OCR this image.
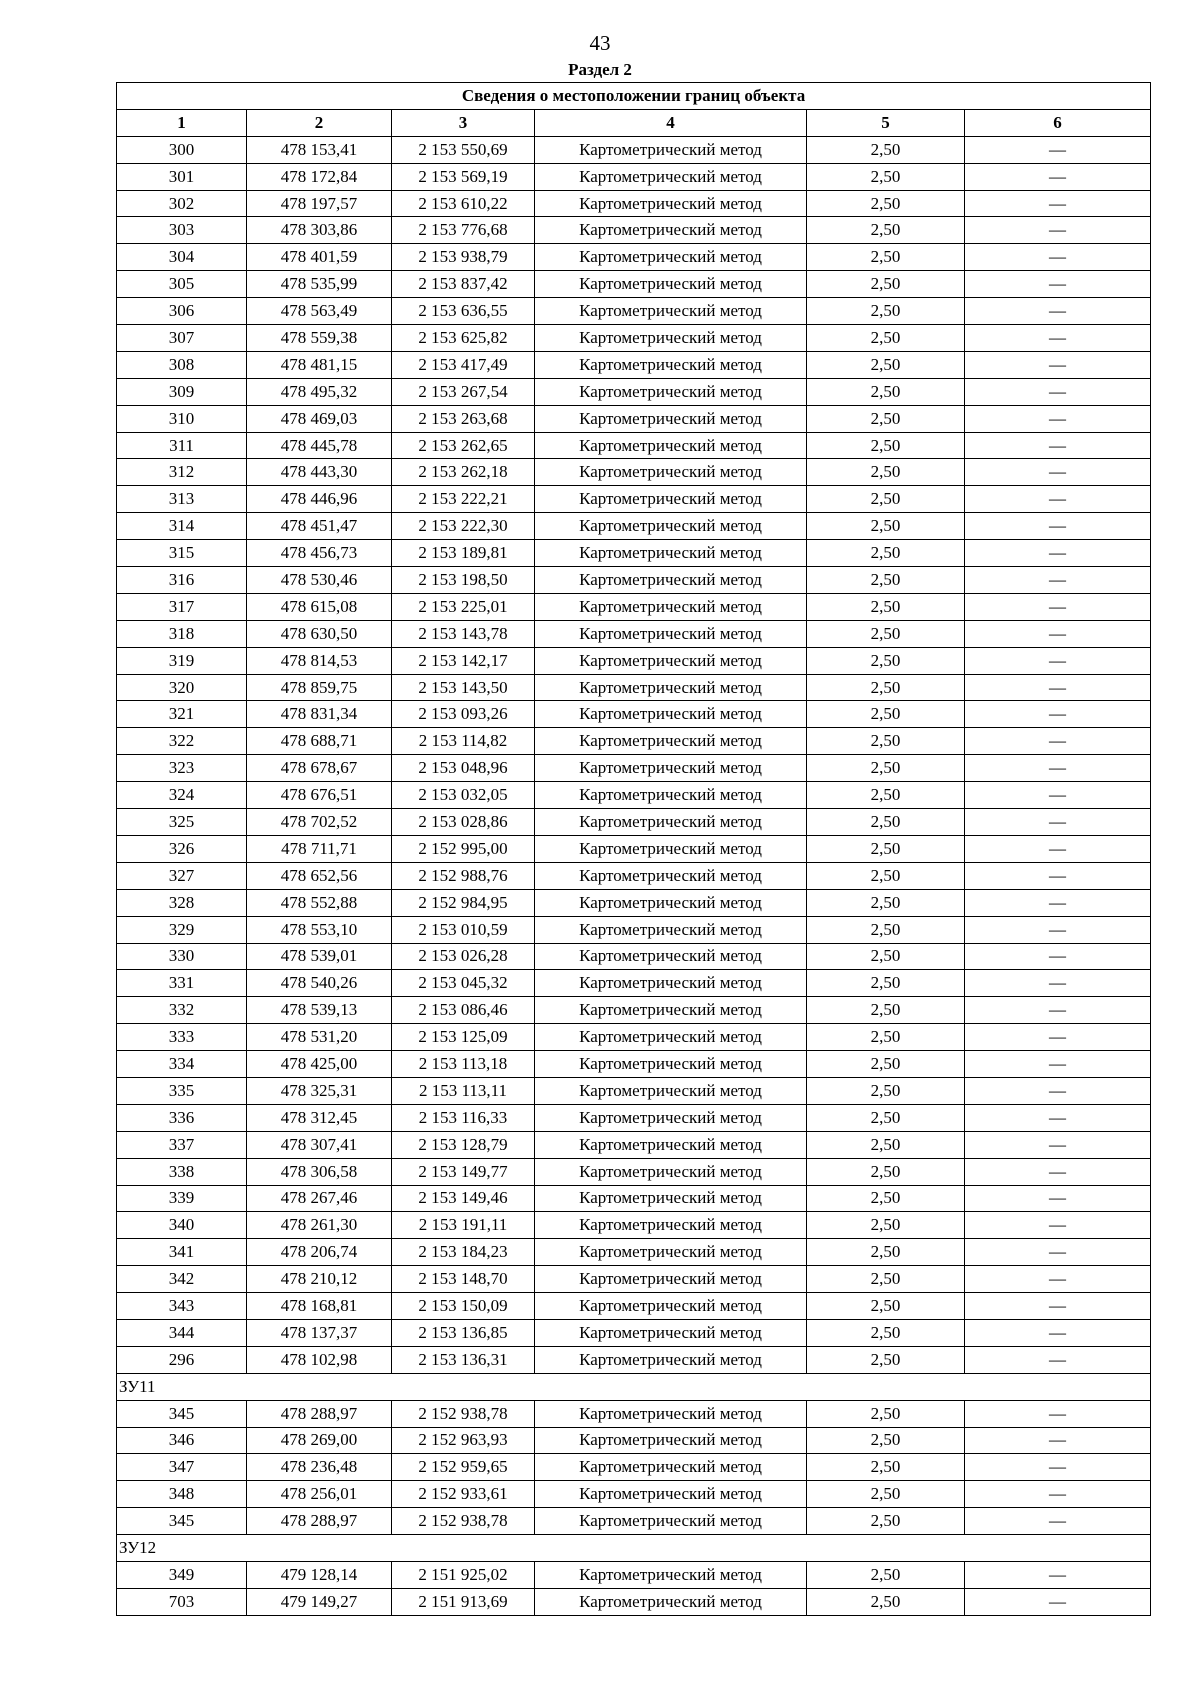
43
Раздел 2
Сведения о местоположении границ объекта					
1	2	3	4	5	6
300	478 153,41	2 153 550,69	Картометрический метод	2,50	—
301	478 172,84	2 153 569,19	Картометрический метод	2,50	—
302	478 197,57	2 153 610,22	Картометрический метод	2,50	—
303	478 303,86	2 153 776,68	Картометрический метод	2,50	—
304	478 401,59	2 153 938,79	Картометрический метод	2,50	—
305	478 535,99	2 153 837,42	Картометрический метод	2,50	—
306	478 563,49	2 153 636,55	Картометрический метод	2,50	—
307	478 559,38	2 153 625,82	Картометрический метод	2,50	—
308	478 481,15	2 153 417,49	Картометрический метод	2,50	—
309	478 495,32	2 153 267,54	Картометрический метод	2,50	—
310	478 469,03	2 153 263,68	Картометрический метод	2,50	—
311	478 445,78	2 153 262,65	Картометрический метод	2,50	—
312	478 443,30	2 153 262,18	Картометрический метод	2,50	—
313	478 446,96	2 153 222,21	Картометрический метод	2,50	—
314	478 451,47	2 153 222,30	Картометрический метод	2,50	—
315	478 456,73	2 153 189,81	Картометрический метод	2,50	—
316	478 530,46	2 153 198,50	Картометрический метод	2,50	—
317	478 615,08	2 153 225,01	Картометрический метод	2,50	—
318	478 630,50	2 153 143,78	Картометрический метод	2,50	—
319	478 814,53	2 153 142,17	Картометрический метод	2,50	—
320	478 859,75	2 153 143,50	Картометрический метод	2,50	—
321	478 831,34	2 153 093,26	Картометрический метод	2,50	—
322	478 688,71	2 153 114,82	Картометрический метод	2,50	—
323	478 678,67	2 153 048,96	Картометрический метод	2,50	—
324	478 676,51	2 153 032,05	Картометрический метод	2,50	—
325	478 702,52	2 153 028,86	Картометрический метод	2,50	—
326	478 711,71	2 152 995,00	Картометрический метод	2,50	—
327	478 652,56	2 152 988,76	Картометрический метод	2,50	—
328	478 552,88	2 152 984,95	Картометрический метод	2,50	—
329	478 553,10	2 153 010,59	Картометрический метод	2,50	—
330	478 539,01	2 153 026,28	Картометрический метод	2,50	—
331	478 540,26	2 153 045,32	Картометрический метод	2,50	—
332	478 539,13	2 153 086,46	Картометрический метод	2,50	—
333	478 531,20	2 153 125,09	Картометрический метод	2,50	—
334	478 425,00	2 153 113,18	Картометрический метод	2,50	—
335	478 325,31	2 153 113,11	Картометрический метод	2,50	—
336	478 312,45	2 153 116,33	Картометрический метод	2,50	—
337	478 307,41	2 153 128,79	Картометрический метод	2,50	—
338	478 306,58	2 153 149,77	Картометрический метод	2,50	—
339	478 267,46	2 153 149,46	Картометрический метод	2,50	—
340	478 261,30	2 153 191,11	Картометрический метод	2,50	—
341	478 206,74	2 153 184,23	Картометрический метод	2,50	—
342	478 210,12	2 153 148,70	Картометрический метод	2,50	—
343	478 168,81	2 153 150,09	Картометрический метод	2,50	—
344	478 137,37	2 153 136,85	Картометрический метод	2,50	—
296	478 102,98	2 153 136,31	Картометрический метод	2,50	—
ЗУ11					
345	478 288,97	2 152 938,78	Картометрический метод	2,50	—
346	478 269,00	2 152 963,93	Картометрический метод	2,50	—
347	478 236,48	2 152 959,65	Картометрический метод	2,50	—
348	478 256,01	2 152 933,61	Картометрический метод	2,50	—
345	478 288,97	2 152 938,78	Картометрический метод	2,50	—
ЗУ12					
349	479 128,14	2 151 925,02	Картометрический метод	2,50	—
703	479 149,27	2 151 913,69	Картометрический метод	2,50	—
